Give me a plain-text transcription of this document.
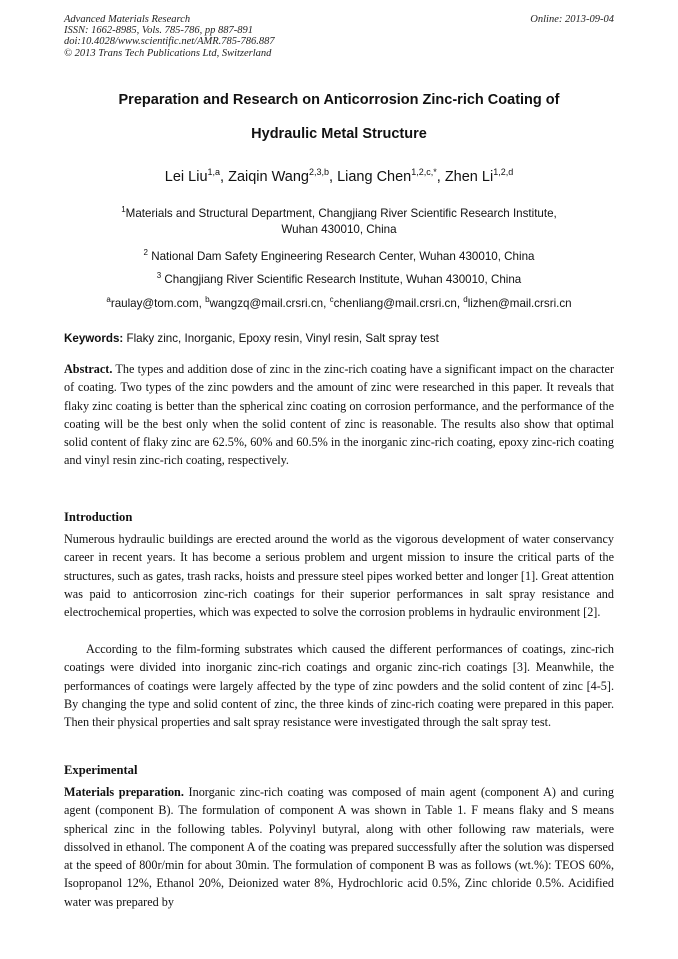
Advanced Materials Research
ISSN: 1662-8985, Vols. 785-786, pp 887-891
doi:10.4028/www.scientific.net/AMR.785-786.887
© 2013 Trans Tech Publications Ltd, Switzerland
Online: 2013-09-04
Preparation and Research on Anticorrosion Zinc-rich Coating of
Hydraulic Metal Structure
Lei Liu$^{1,a}$, Zaiqin Wang$^{2,3,b}$, Liang Chen$^{1,2,c,*}$, Zhen Li$^{1,2,d}$
$^1$Materials and Structural Department, Changjiang River Scientific Research Institute,
Wuhan 430010, China
$^2$ National Dam Safety Engineering Research Center, Wuhan 430010, China
$^3$ Changjiang River Scientific Research Institute, Wuhan 430010, China
$^a$raulay@tom.com, $^b$wangzq@mail.crsri.cn, $^c$chenliang@mail.crsri.cn, $^d$lizhen@mail.crsri.cn
Keywords: Flaky zinc, Inorganic, Epoxy resin, Vinyl resin, Salt spray test

Abstract. The types and addition dose of zinc in the zinc-rich coating have a significant impact on the character of coating. Two types of the zinc powders and the amount of zinc were researched in this paper. It reveals that flaky zinc coating is better than the spherical zinc coating on corrosion performance, and the performance of the coating will be the best only when the solid content of zinc is reasonable. The results also show that optimal solid content of flaky zinc are 62.5%, 60% and 60.5% in the inorganic zinc-rich coating, epoxy zinc-rich coating and vinyl resin zinc-rich coating, respectively.

Introduction

Numerous hydraulic buildings are erected around the world as the vigorous development of water conservancy career in recent years. It has become a serious problem and urgent mission to insure the critical parts of the structures, such as gates, trash racks, hoists and pressure steel pipes worked better and longer [1]. Great attention was paid to anticorrosion zinc-rich coatings for their superior performances in salt spray resistance and electrochemical properties, which was expected to solve the corrosion problems in hydraulic environment [2].

According to the film-forming substrates which caused the different performances of coatings, zinc-rich coatings were divided into inorganic zinc-rich coatings and organic zinc-rich coatings [3]. Meanwhile, the performances of coatings were largely affected by the type of zinc powders and the solid content of zinc [4-5]. By changing the type and solid content of zinc, the three kinds of zinc-rich coating were prepared in this paper. Then their physical properties and salt spray resistance were investigated through the salt spray test.

Experimental

Materials preparation. Inorganic zinc-rich coating was composed of main agent (component A) and curing agent (component B). The formulation of component A was shown in Table 1. F means flaky and S means spherical zinc in the following tables. Polyvinyl butyral, along with other following raw materials, were dissolved in ethanol. The component A of the coating was prepared successfully after the solution was dispersed at the speed of 800r/min for about 30min. The formulation of component B was as follows (wt.%): TEOS 60%, Isopropanol 12%, Ethanol 20%, Deionized water 8%, Hydrochloric acid 0.5%, Zinc chloride 0.5%. Acidified water was prepared by
